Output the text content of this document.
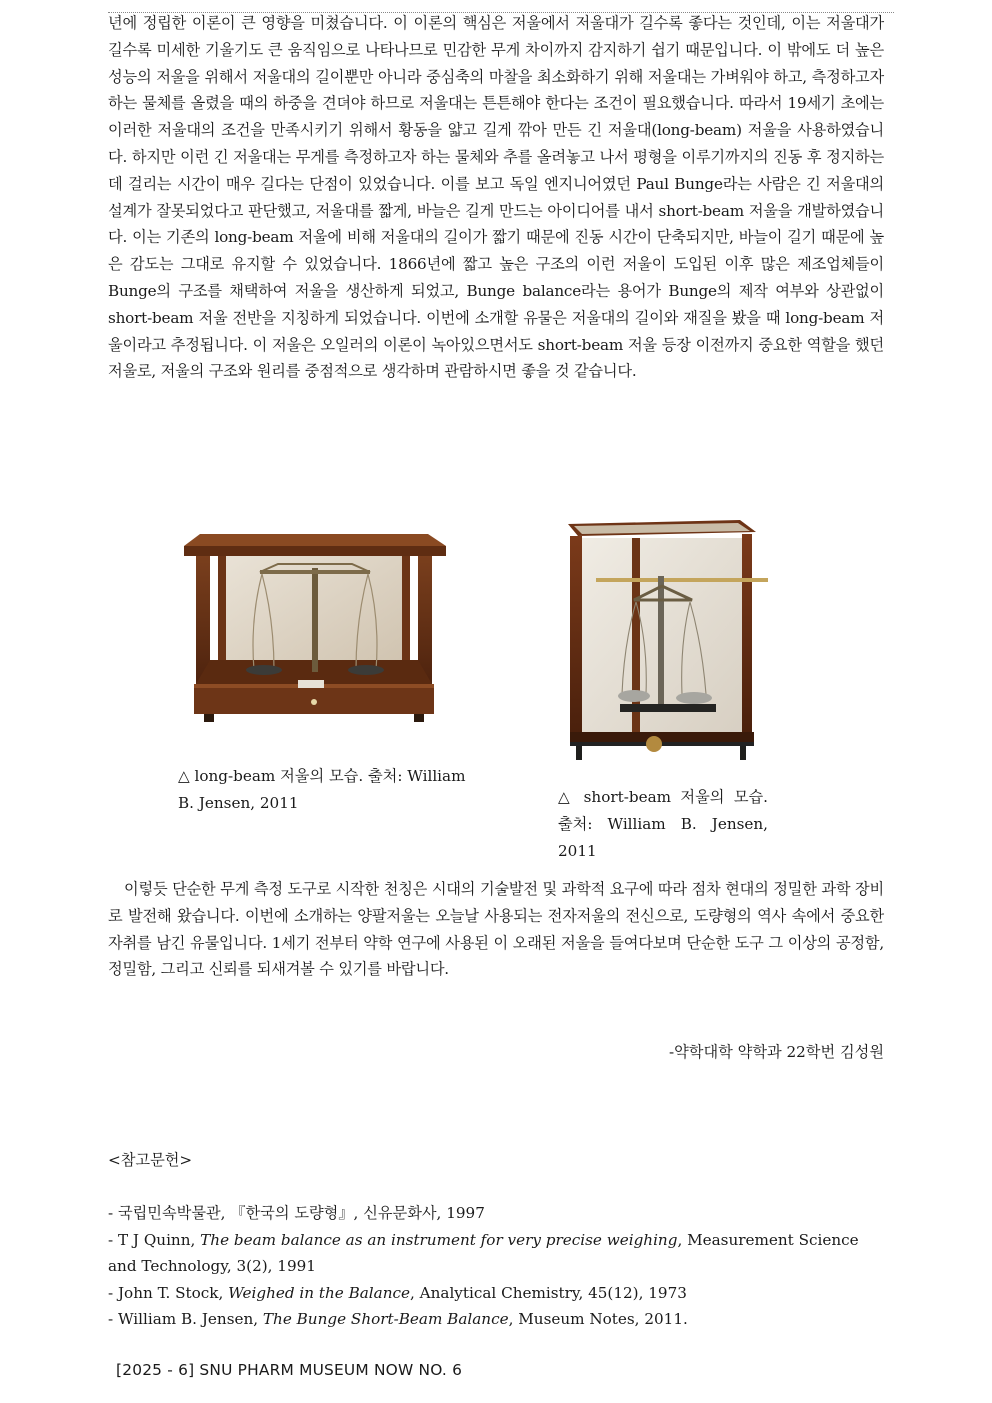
년에 정립한 이론이 큰 영향을 미쳤습니다. 이 이론의 핵심은 저울에서 저울대가 길수록 좋다는 것인데, 이는 저울대가 길수록 미세한 기울기도 큰 움직임으로 나타나므로 민감한 무게 차이까지 감지하기 쉽기 때문입니다. 이 밖에도 더 높은 성능의 저울을 위해서 저울대의 길이뿐만 아니라 중심축의 마찰을 최소화하기 위해 저울대는 가벼워야 하고, 측정하고자 하는 물체를 올렸을 때의 하중을 견뎌야 하므로 저울대는 튼튼해야 한다는 조건이 필요했습니다. 따라서 19세기 초에는 이러한 저울대의 조건을 만족시키기 위해서 황동을 얇고 길게 깎아 만든 긴 저울대(long-beam) 저울을 사용하였습니다. 하지만 이런 긴 저울대는 무게를 측정하고자 하는 물체와 추를 올려놓고 나서 평형을 이루기까지의 진동 후 정지하는데 걸리는 시간이 매우 길다는 단점이 있었습니다. 이를 보고 독일 엔지니어였던 Paul Bunge라는 사람은 긴 저울대의 설계가 잘못되었다고 판단했고, 저울대를 짧게, 바늘은 길게 만드는 아이디어를 내서 short-beam 저울을 개발하였습니다. 이는 기존의 long-beam 저울에 비해 저울대의 길이가 짧기 때문에 진동 시간이 단축되지만, 바늘이 길기 때문에 높은 감도는 그대로 유지할 수 있었습니다. 1866년에 짧고 높은 구조의 이런 저울이 도입된 이후 많은 제조업체들이 Bunge의 구조를 채택하여 저울을 생산하게 되었고, Bunge balance라는 용어가 Bunge의 제작 여부와 상관없이 short-beam 저울 전반을 지칭하게 되었습니다. 이번에 소개할 유물은 저울대의 길이와 재질을 봤을 때 long-beam 저울이라고 추정됩니다. 이 저울은 오일러의 이론이 녹아있으면서도 short-beam 저울 등장 이전까지 중요한 역할을 했던 저울로, 저울의 구조와 원리를 중점적으로 생각하며 관람하시면 좋을 것 같습니다.

△ long-beam 저울의 모습. 출처: William B. Jensen, 2011	△ short-beam 저울의 모습. 출처: William B. Jensen, 2011

이렇듯 단순한 무게 측정 도구로 시작한 천칭은 시대의 기술발전 및 과학적 요구에 따라 점차 현대의 정밀한 과학 장비로 발전해 왔습니다. 이번에 소개하는 양팔저울는 오늘날 사용되는 전자저울의 전신으로, 도량형의 역사 속에서 중요한 자취를 남긴 유물입니다. 1세기 전부터 약학 연구에 사용된 이 오래된 저울을 들여다보며 단순한 도구 그 이상의 공정함, 정밀함, 그리고 신뢰를 되새겨볼 수 있기를 바랍니다.

-약학대학 약학과 22학번 김성원

<참고문헌>

- 국립민속박물관, 『한국의 도량형』, 신유문화사, 1997
- T J Quinn, The beam balance as an instrument for very precise weighing, Measurement Science and Technology, 3(2), 1991
- John T. Stock, Weighed in the Balance, Analytical Chemistry, 45(12), 1973
- William B. Jensen, The Bunge Short-Beam Balance, Museum Notes, 2011.

[2025 - 6] SNU PHARM MUSEUM NOW NO. 6
